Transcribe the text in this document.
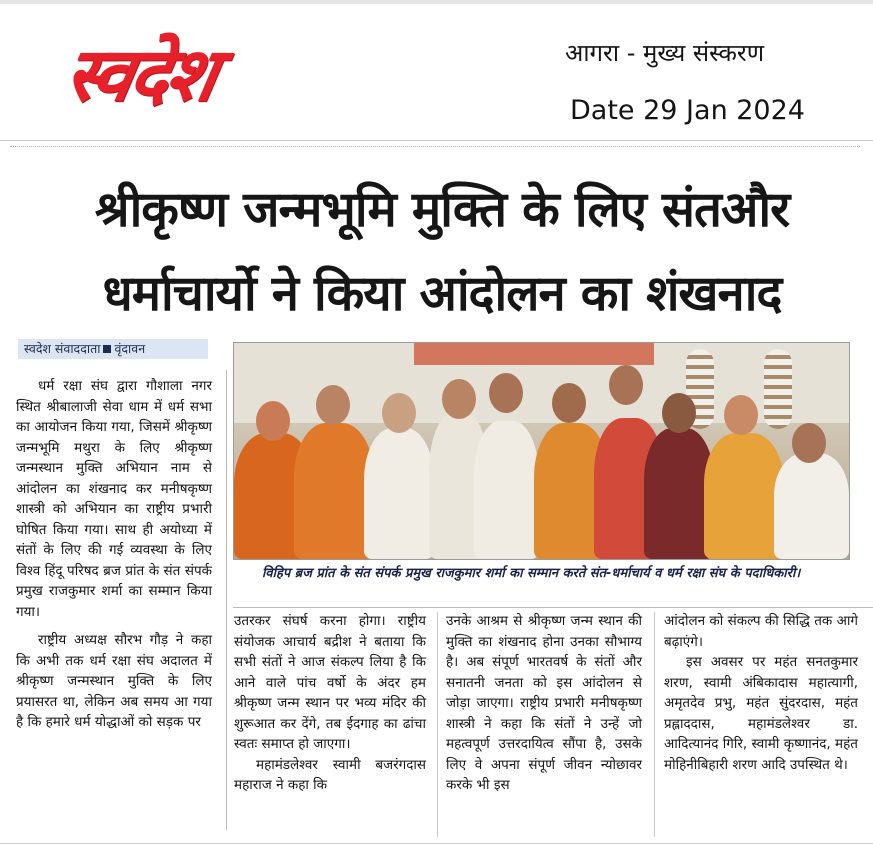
स्वदेश	आगरा - मुख्य संस्करण
Date 29 Jan 2024
श्रीकृष्ण जन्मभूमि मुक्ति के लिए संतऔर
धर्माचार्यो ने किया आंदोलन का शंखनाद
स्वदेश संवाददाता वृंदावन

धर्म रक्षा संघ द्वारा गौशाला नगर स्थित श्रीबालाजी सेवा धाम में धर्म सभा का आयोजन किया गया, जिसमें श्रीकृष्ण जन्मभूमि मथुरा के लिए श्रीकृष्ण जन्मस्थान मुक्ति अभियान नाम से आंदोलन का शंखनाद कर मनीषकृष्ण शास्त्री को अभियान का राष्ट्रीय प्रभारी घोषित किया गया। साथ ही अयोध्या में संतों के लिए की गई व्यवस्था के लिए विश्व हिंदू परिषद ब्रज प्रांत के संत संपर्क प्रमुख राजकुमार शर्मा का सम्मान किया गया।

राष्ट्रीय अध्यक्ष सौरभ गौड़ ने कहा कि अभी तक धर्म रक्षा संघ अदालत में श्रीकृष्ण जन्मस्थान मुक्ति के लिए प्रयासरत था, लेकिन अब समय आ गया है कि हमारे धर्म योद्धाओं को सड़क पर

विहिप ब्रज प्रांत के संत संपर्क प्रमुख राजकुमार शर्मा का सम्मान करते संत-धर्माचार्य व धर्म रक्षा संघ के पदाधिकारी।

उतरकर संघर्ष करना होगा। राष्ट्रीय संयोजक आचार्य बद्रीश ने बताया कि सभी संतों ने आज संकल्प लिया है कि आने वाले पांच वर्षो के अंदर हम श्रीकृष्ण जन्म स्थान पर भव्य मंदिर की शुरूआत कर देंगे, तब ईदगाह का ढांचा स्वतः समाप्त हो जाएगा।

महामंडलेश्वर स्वामी बजरंगदास महाराज ने कहा कि

उनके आश्रम से श्रीकृष्ण जन्म स्थान की मुक्ति का शंखनाद होना उनका सौभाग्य है। अब संपूर्ण भारतवर्ष के संतों और सनातनी जनता को इस आंदोलन से जोड़ा जाएगा। राष्ट्रीय प्रभारी मनीषकृष्ण शास्त्री ने कहा कि संतों ने उन्हें जो महत्वपूर्ण उत्तरदायित्व सौंपा है, उसके लिए वे अपना संपूर्ण जीवन न्योछावर करके भी इस

आंदोलन को संकल्प की सिद्धि तक आगे बढ़ाएंगे।

इस अवसर पर महंत सनतकुमार शरण, स्वामी अंबिकादास महात्यागी, अमृतदेव प्रभु, महंत सुंदरदास, महंत प्रह्लाददास, महामंडलेश्वर डा. आदित्यानंद गिरि, स्वामी कृष्णानंद, महंत मोहिनीबिहारी शरण आदि उपस्थित थे।
